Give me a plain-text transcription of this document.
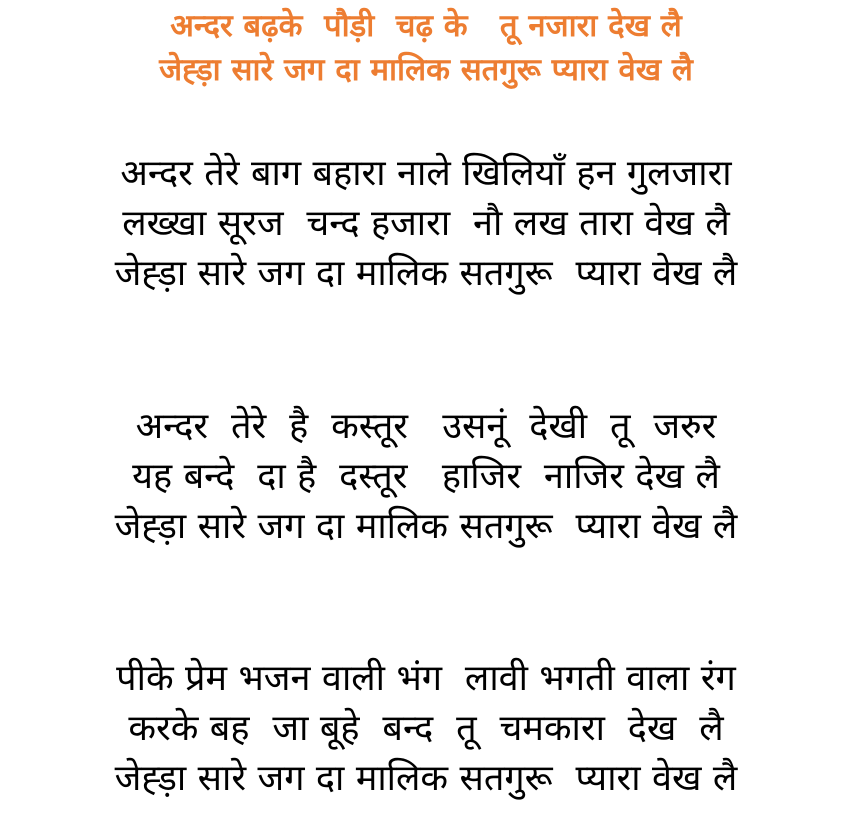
अन्दर बढ़के  पौड़ी  चढ़ के   तू नजारा देख लै
जेह्ड़ा सारे जग दा मालिक सतगुरू प्यारा वेख लै
अन्दर तेरे बाग बहारा नाले खिलियाँ हन गुलजारा
लख्खा सूरज  चन्द हजारा  नौ लख तारा वेख लै
जेह्ड़ा सारे जग दा मालिक सतगुरू  प्यारा वेख लै
अन्दर  तेरे  है  कस्तूर   उसनूं  देखी  तू  जरुर
यह बन्दे  दा है  दस्तूर   हाजिर  नाजिर देख लै
जेह्ड़ा सारे जग दा मालिक सतगुरू  प्यारा वेख लै
पीके प्रेम भजन वाली भंग  लावी भगती वाला रंग
करके बह  जा बूहे  बन्द  तू  चमकारा  देख  लै
जेह्ड़ा सारे जग दा मालिक सतगुरू  प्यारा वेख लै
